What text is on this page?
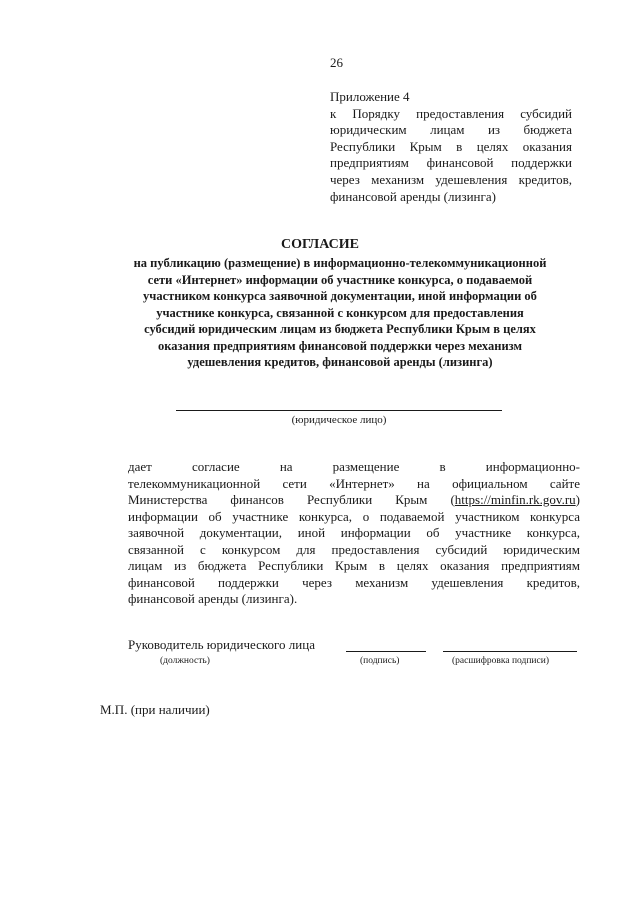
26
Приложение 4
к Порядку предоставления субсидий
юридическим лицам из бюджета
Республики Крым в целях оказания
предприятиям финансовой поддержки
через механизм удешевления кредитов,
финансовой аренды (лизинга)
СОГЛАСИЕ
на публикацию (размещение) в информационно-телекоммуникационной сети «Интернет» информации об участнике конкурса, о подаваемой участником конкурса заявочной документации, иной информации об участнике конкурса, связанной с конкурсом для предоставления субсидий юридическим лицам из бюджета Республики Крым в целях оказания предприятиям финансовой поддержки через механизм удешевления кредитов, финансовой аренды (лизинга)
(юридическое лицо)
дает согласие на размещение в информационно-
телекоммуникационной сети «Интернет» на официальном сайте
Министерства финансов Республики Крым (https://minfin.rk.gov.ru)
информации об участнике конкурса, о подаваемой участником конкурса
заявочной документации, иной информации об участнике конкурса,
связанной с конкурсом для предоставления субсидий юридическим
лицам из бюджета Республики Крым в целях оказания предприятиям
финансовой поддержки через механизм удешевления кредитов,
финансовой аренды (лизинга).
Руководитель юридического лица
(должность)	(подпись)	(расшифровка подписи)
М.П. (при наличии)
